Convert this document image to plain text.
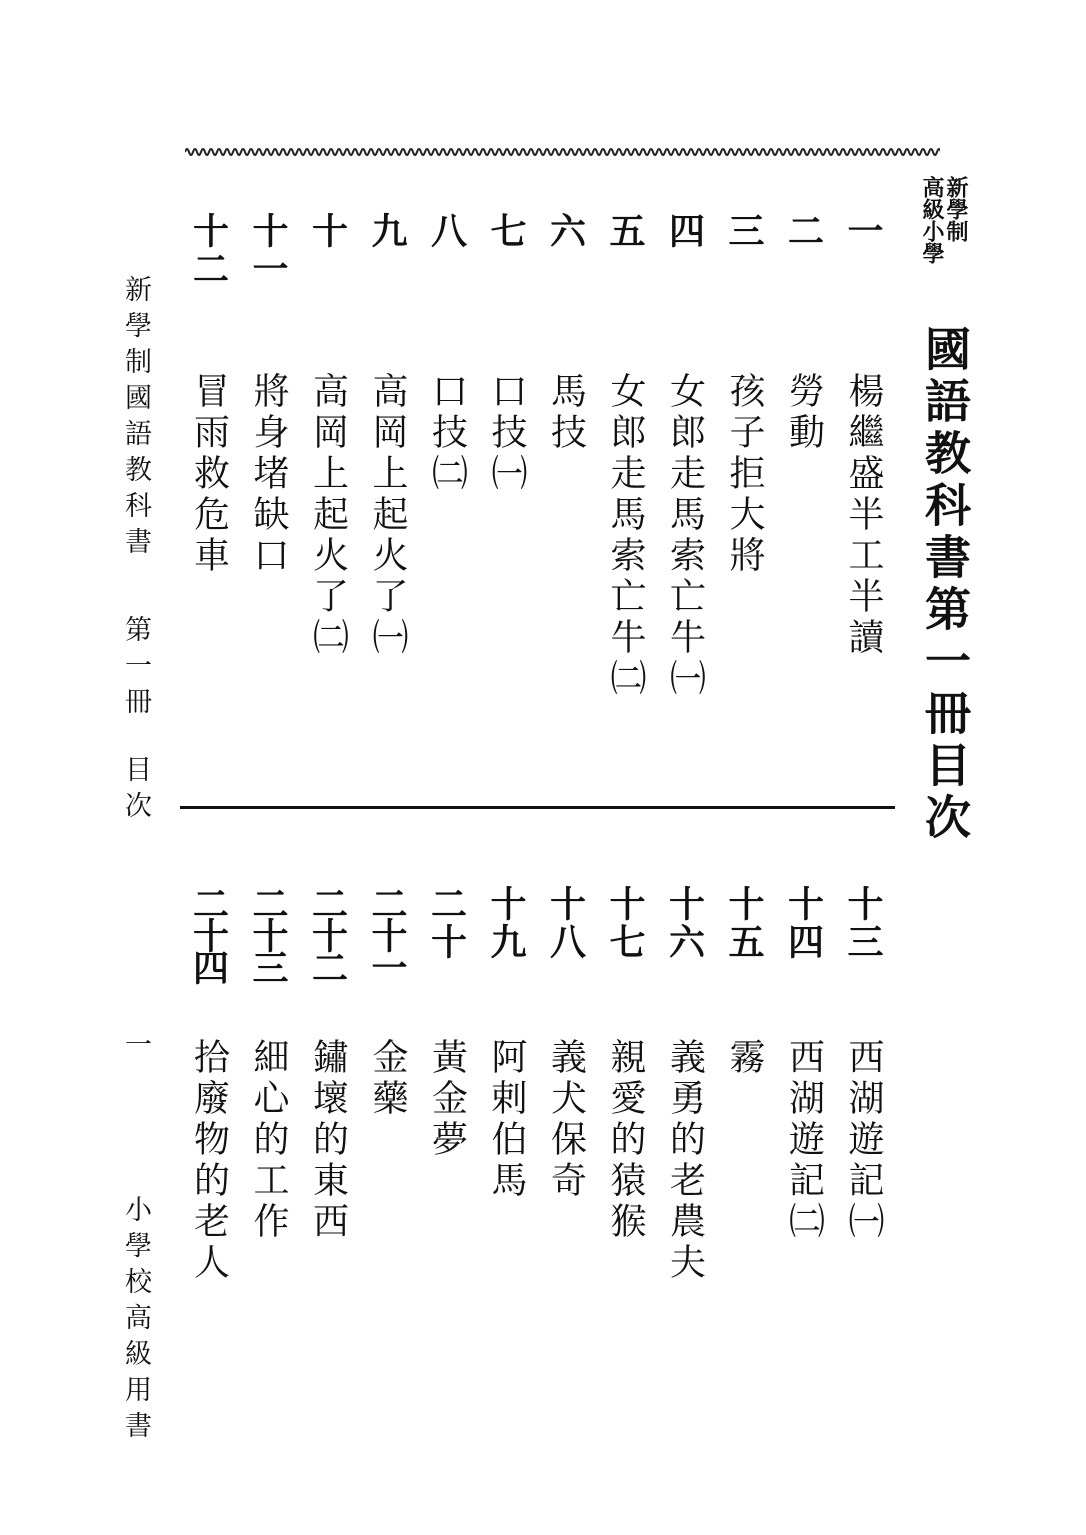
新學制
高級小學
國語教科書第一冊目次
一
楊繼盛半工半讀
二
勞動
三
孩子拒大將
四
女郎走馬索亡牛㈠
五
女郎走馬索亡牛㈡
六
馬技
七
口技㈠
八
口技㈡
九
高岡上起火了㈠
十
高岡上起火了㈡
十一
將身堵缺口
十二
冒雨救危車
十三
西湖遊記㈠
十四
西湖遊記㈡
十五
霧
十六
義勇的老農夫
十七
親愛的猿猴
十八
義犬保奇
十九
阿剌伯馬
二十
黃金夢
二十一
金藥
二十二
鏽壞的東西
二十三
細心的工作
二十四
拾廢物的老人
新學制國語教科書
第一冊
目次
一
小學校高級用書
